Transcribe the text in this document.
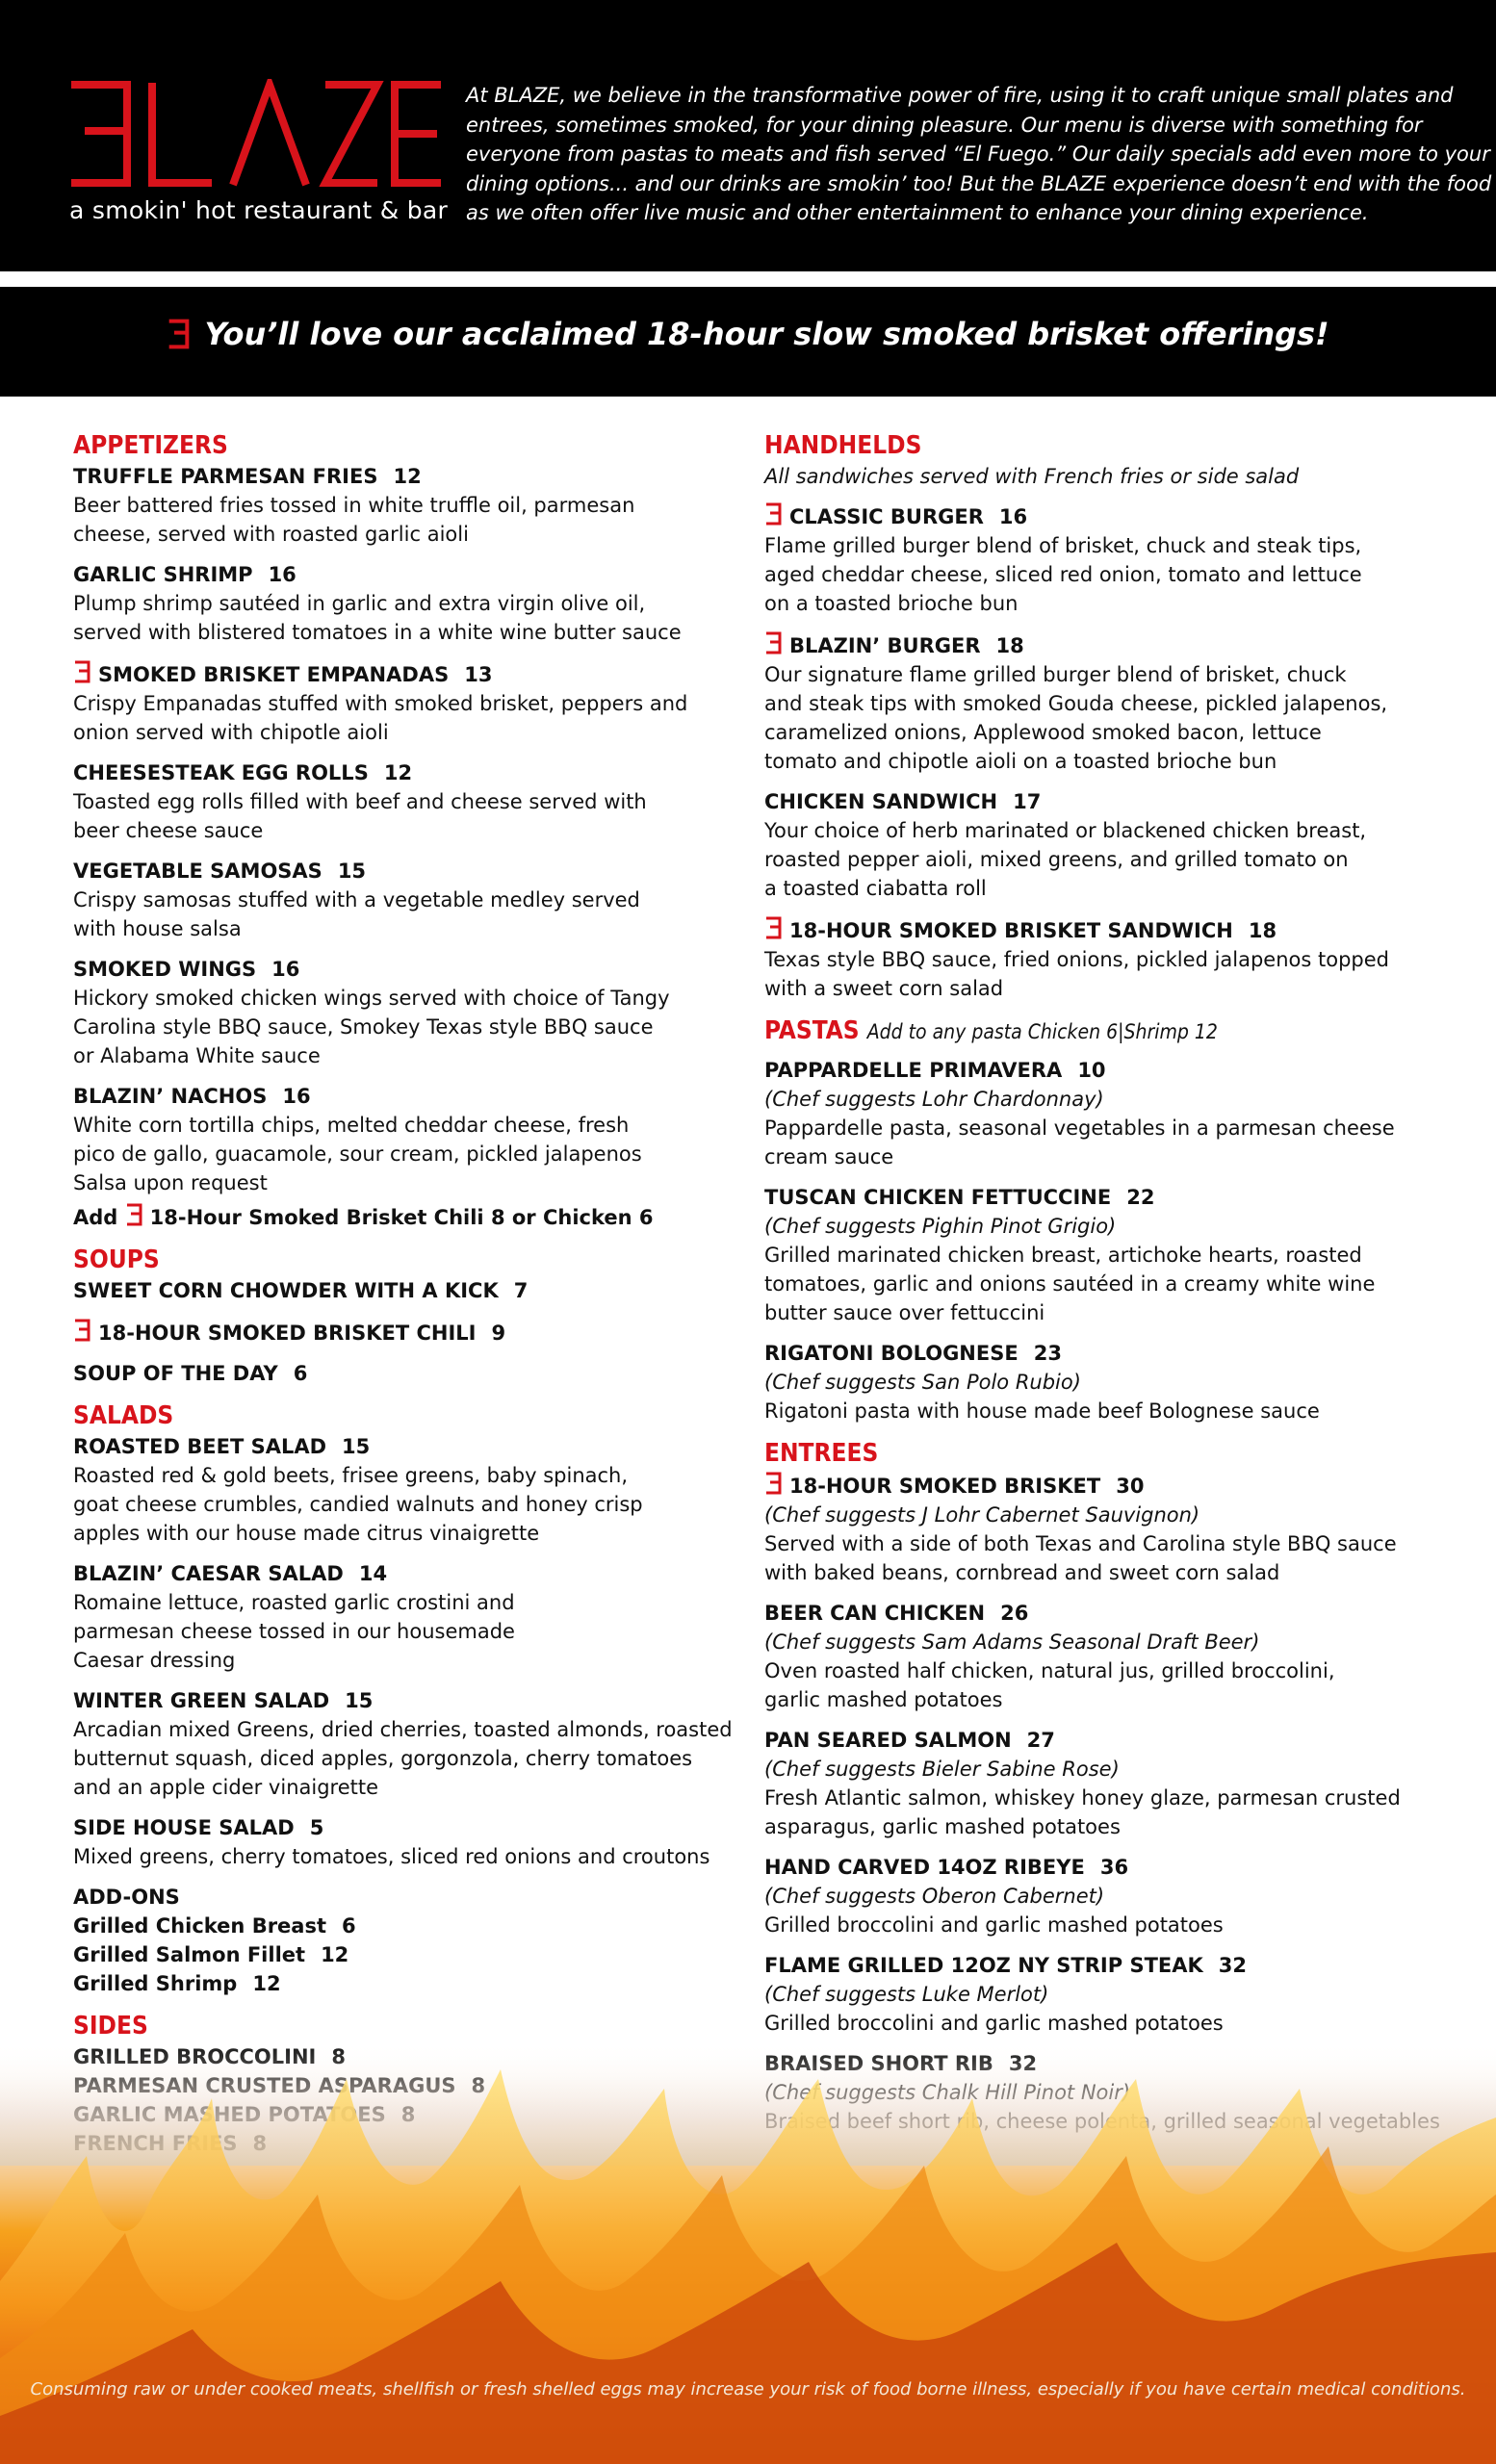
a smokin' hot restaurant & bar
At BLAZE, we believe in the transformative power of fire, using it to craft unique small plates and
entrees, sometimes smoked, for your dining pleasure. Our menu is diverse with something for
everyone from pastas to meats and fish served “El Fuego.” Our daily specials add even more to your
dining options... and our drinks are smokin’ too! But the BLAZE experience doesn’t end with the food
as we often offer live music and other entertainment to enhance your dining experience.
You’ll love our acclaimed 18-hour slow smoked brisket offerings!
APPETIZERS
TRUFFLE PARMESAN FRIES 12
Beer battered fries tossed in white truffle oil, parmesan
cheese, served with roasted garlic aioli
GARLIC SHRIMP 16
Plump shrimp sautéed in garlic and extra virgin olive oil,
served with blistered tomatoes in a white wine butter sauce
SMOKED BRISKET EMPANADAS 13
Crispy Empanadas stuffed with smoked brisket, peppers and
onion served with chipotle aioli
CHEESESTEAK EGG ROLLS 12
Toasted egg rolls filled with beef and cheese served with
beer cheese sauce
VEGETABLE SAMOSAS 15
Crispy samosas stuffed with a vegetable medley served
with house salsa
SMOKED WINGS 16
Hickory smoked chicken wings served with choice of Tangy
Carolina style BBQ sauce, Smokey Texas style BBQ sauce
or Alabama White sauce
BLAZIN’ NACHOS 16
White corn tortilla chips, melted cheddar cheese, fresh
pico de gallo, guacamole, sour cream, pickled jalapenos
Salsa upon request
Add 18-Hour Smoked Brisket Chili 8 or Chicken 6
SOUPS
SWEET CORN CHOWDER WITH A KICK 7
18-HOUR SMOKED BRISKET CHILI 9
SOUP OF THE DAY 6
SALADS
ROASTED BEET SALAD 15
Roasted red & gold beets, frisee greens, baby spinach,
goat cheese crumbles, candied walnuts and honey crisp
apples with our house made citrus vinaigrette
BLAZIN’ CAESAR SALAD 14
Romaine lettuce, roasted garlic crostini and
parmesan cheese tossed in our housemade
Caesar dressing
WINTER GREEN SALAD 15
Arcadian mixed Greens, dried cherries, toasted almonds, roasted
butternut squash, diced apples, gorgonzola, cherry tomatoes
and an apple cider vinaigrette
SIDE HOUSE SALAD 5
Mixed greens, cherry tomatoes, sliced red onions and croutons
ADD-ONS
Grilled Chicken Breast 6
Grilled Salmon Fillet 12
Grilled Shrimp 12
SIDES
HANDHELDS
All sandwiches served with French fries or side salad
CLASSIC BURGER 16
Flame grilled burger blend of brisket, chuck and steak tips,
aged cheddar cheese, sliced red onion, tomato and lettuce
on a toasted brioche bun
BLAZIN’ BURGER 18
Our signature flame grilled burger blend of brisket, chuck
and steak tips with smoked Gouda cheese, pickled jalapenos,
caramelized onions, Applewood smoked bacon, lettuce
tomato and chipotle aioli on a toasted brioche bun
CHICKEN SANDWICH 17
Your choice of herb marinated or blackened chicken breast,
roasted pepper aioli, mixed greens, and grilled tomato on
a toasted ciabatta roll
18-HOUR SMOKED BRISKET SANDWICH 18
Texas style BBQ sauce, fried onions, pickled jalapenos topped
with a sweet corn salad
PASTAS Add to any pasta Chicken 6|Shrimp 12
PAPPARDELLE PRIMAVERA 10
(Chef suggests Lohr Chardonnay)
Pappardelle pasta, seasonal vegetables in a parmesan cheese
cream sauce
TUSCAN CHICKEN FETTUCCINE 22
(Chef suggests Pighin Pinot Grigio)
Grilled marinated chicken breast, artichoke hearts, roasted
tomatoes, garlic and onions sautéed in a creamy white wine
butter sauce over fettuccini
RIGATONI BOLOGNESE 23
(Chef suggests San Polo Rubio)
Rigatoni pasta with house made beef Bolognese sauce
ENTREES
18-HOUR SMOKED BRISKET 30
(Chef suggests J Lohr Cabernet Sauvignon)
Served with a side of both Texas and Carolina style BBQ sauce
with baked beans, cornbread and sweet corn salad
BEER CAN CHICKEN 26
(Chef suggests Sam Adams Seasonal Draft Beer)
Oven roasted half chicken, natural jus, grilled broccolini,
garlic mashed potatoes
PAN SEARED SALMON 27
(Chef suggests Bieler Sabine Rose)
Fresh Atlantic salmon, whiskey honey glaze, parmesan crusted
asparagus, garlic mashed potatoes
HAND CARVED 14OZ RIBEYE 36
(Chef suggests Oberon Cabernet)
Grilled broccolini and garlic mashed potatoes
FLAME GRILLED 12OZ NY STRIP STEAK 32
(Chef suggests Luke Merlot)
Grilled broccolini and garlic mashed potatoes
Consuming raw or under cooked meats, shellfish or fresh shelled eggs may increase your risk of food borne illness, especially if you have certain medical conditions.
